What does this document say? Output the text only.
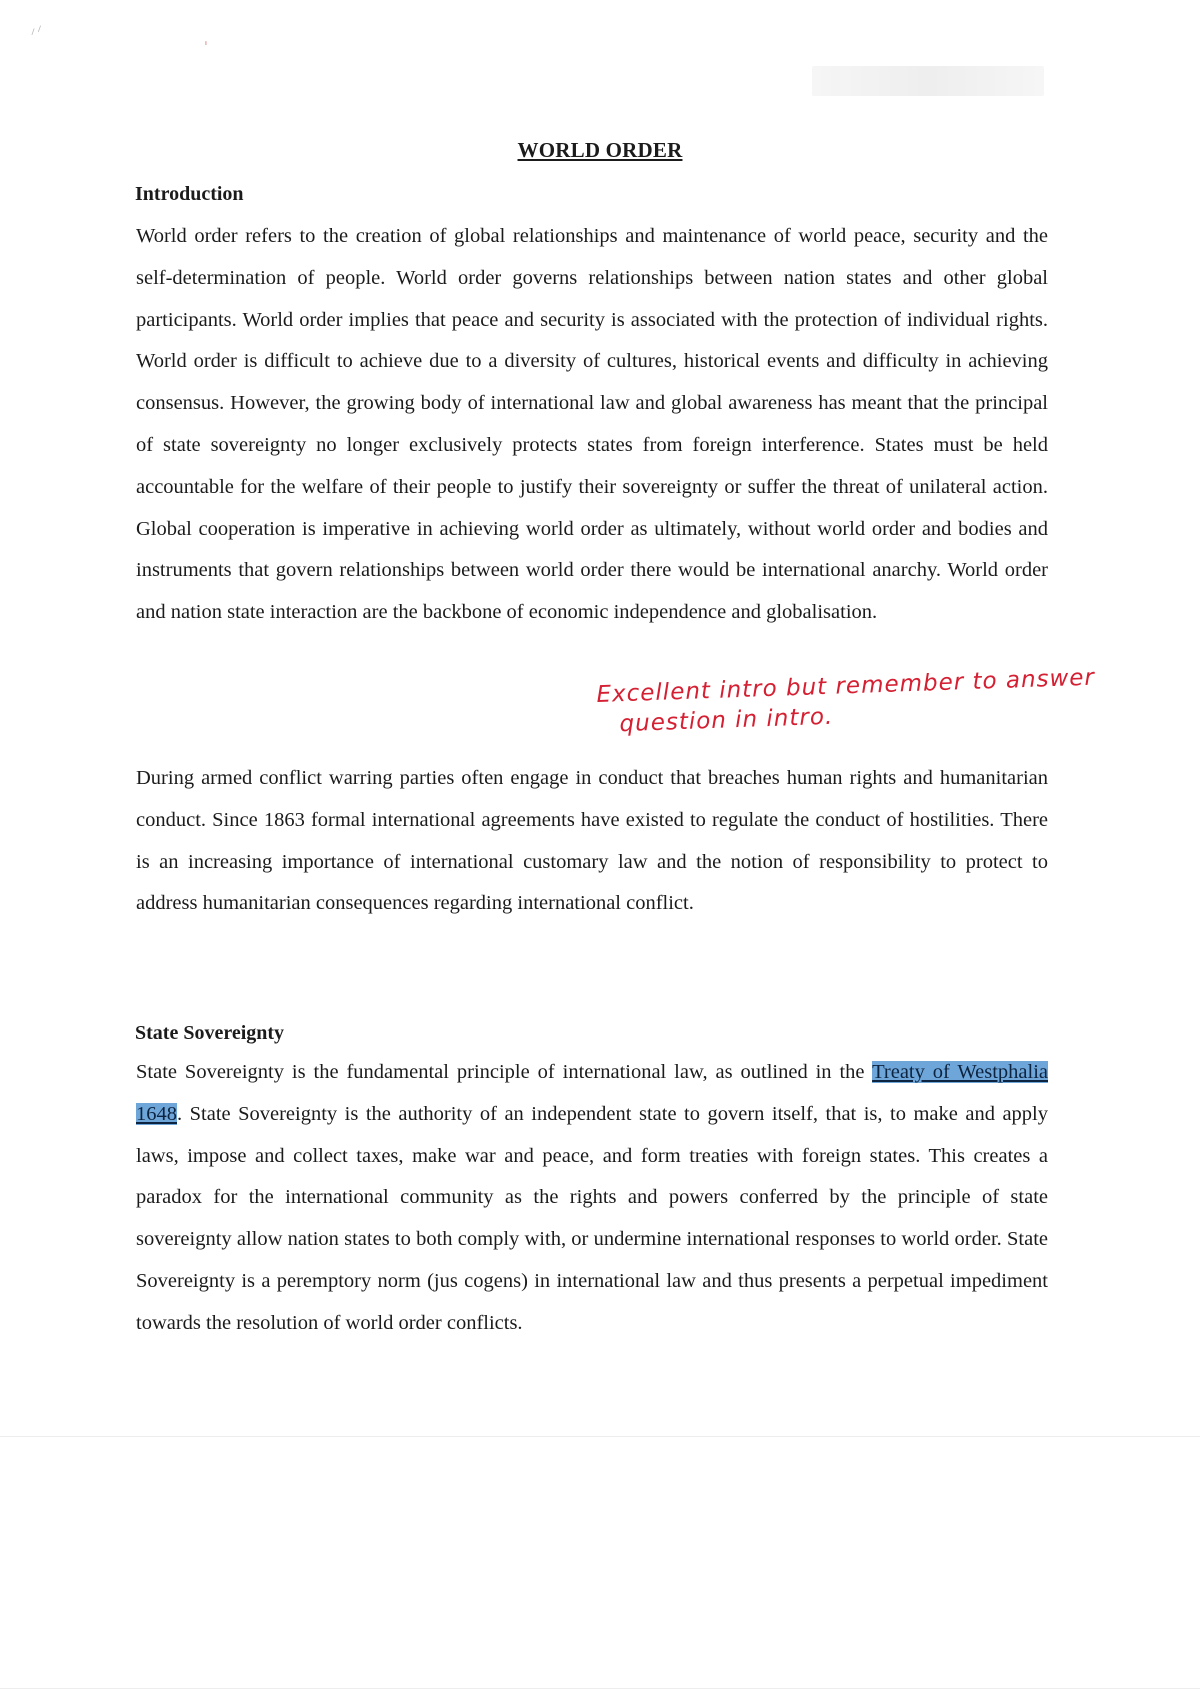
⸝⸝
ˈ
WORLD ORDER
Introduction
World order refers to the creation of global relationships and maintenance of world peace, security and the self-determination of people. World order governs relationships between nation states and other global participants. World order implies that peace and security is associated with the protection of individual rights. World order is difficult to achieve due to a diversity of cultures, historical events and difficulty in achieving consensus. However, the growing body of international law and global awareness has meant that the principal of state sovereignty no longer exclusively protects states from foreign interference. States must be held accountable for the welfare of their people to justify their sovereignty or suffer the threat of unilateral action. Global cooperation is imperative in achieving world order as ultimately, without world order and bodies and instruments that govern relationships between world order there would be international anarchy. World order and nation state interaction are the backbone of economic independence and globalisation.
Excellent intro but remember to answer
question in intro.
During armed conflict warring parties often engage in conduct that breaches human rights and humanitarian conduct. Since 1863 formal international agreements have existed to regulate the conduct of hostilities. There is an increasing importance of international customary law and the notion of responsibility to protect to address humanitarian consequences regarding international conflict.
State Sovereignty
State Sovereignty is the fundamental principle of international law, as outlined in the Treaty of Westphalia 1648. State Sovereignty is the authority of an independent state to govern itself, that is, to make and apply laws, impose and collect taxes, make war and peace, and form treaties with foreign states. This creates a paradox for the international community as the rights and powers conferred by the principle of state sovereignty allow nation states to both comply with, or undermine international responses to world order. State Sovereignty is a peremptory norm (jus cogens) in international law and thus presents a perpetual impediment towards the resolution of world order conflicts.
